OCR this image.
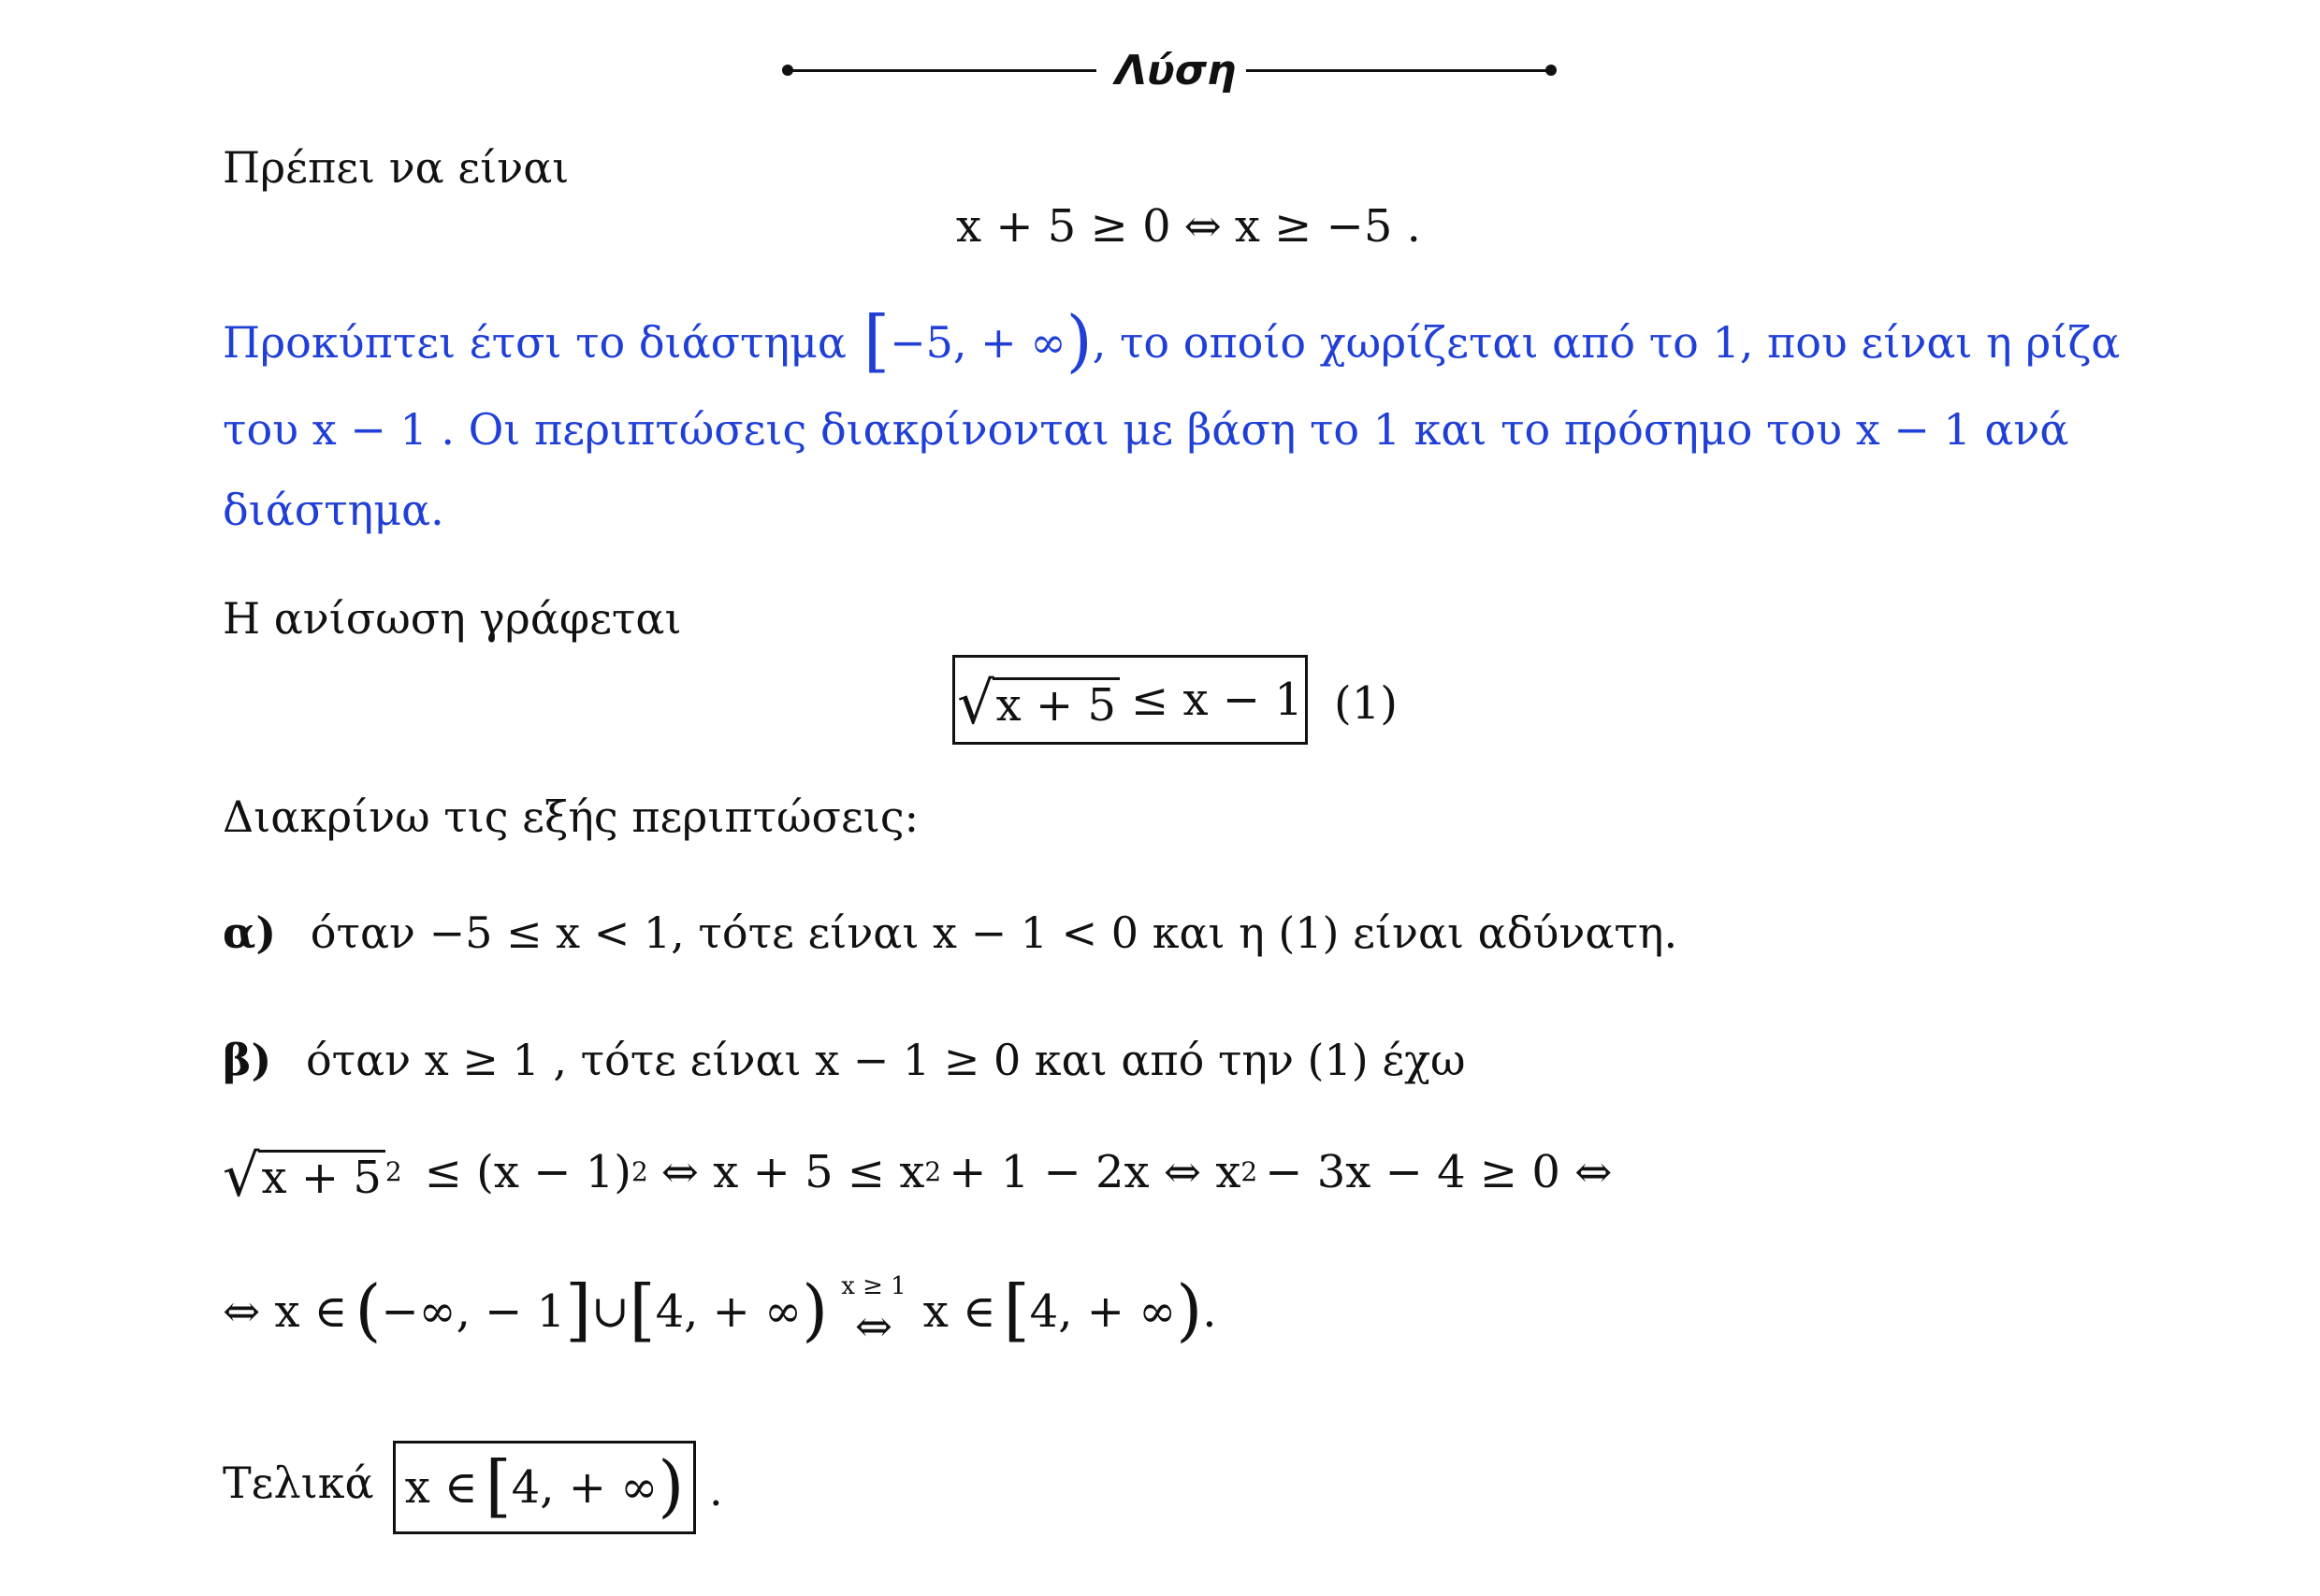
Λύση
Πρέπει να είναι
x + 5 ≥ 0 ⇔ x ≥ −5 .
Προκύπτει έτσι το διάστημα [ −5, + ∞ ) , το οποίο χωρίζεται από το 1, που είναι η ρίζα
του x − 1 . Οι περιπτώσεις διακρίνονται με βάση το 1 και το πρόσημο του x − 1 ανά
διάστημα.
Η ανίσωση γράφεται
√ x + 5 ≤ x − 1 (1)
Διακρίνω τις εξής περιπτώσεις:
α) όταν −5 ≤ x < 1, τότε είναι x − 1 < 0 και η (1) είναι αδύνατη.
β) όταν x ≥ 1 , τότε είναι x − 1 ≥ 0 και από την (1) έχω
√ x + 5 2 ≤ (x − 1) 2 ⇔ x + 5 ≤ x 2 + 1 − 2x ⇔ x 2 − 3x − 4 ≥ 0 ⇔
⇔ x ∈ ( −∞, − 1 ] ∪ [ 4, + ∞ ) x ≥ 1
⇔ x ∈ [ 4, + ∞ ) .
Τελικά x ∈ [ 4, + ∞ ) .
